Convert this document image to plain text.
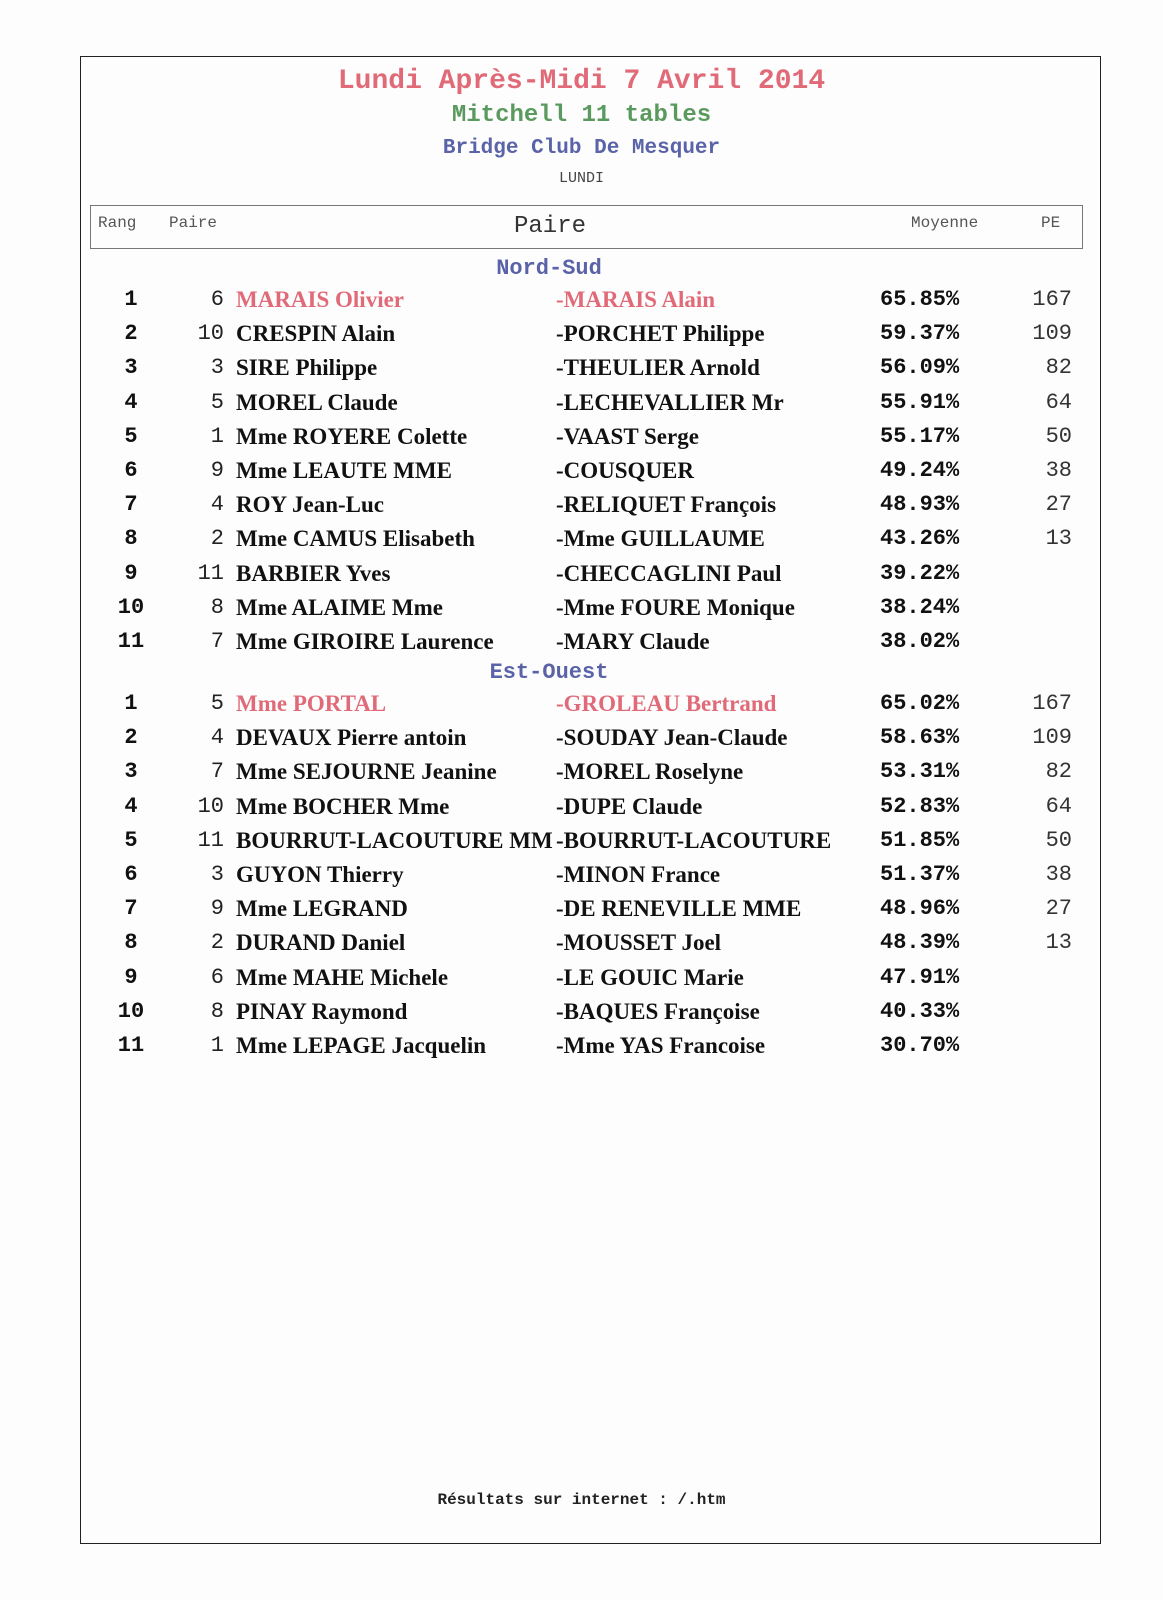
Lundi Après-Midi 7 Avril 2014
Mitchell 11 tables
Bridge Club De Mesquer
LUNDI
Rang Paire	Paire	Moyenne	PE
Nord-Sud
1	6 MARAIS Olivier	-MARAIS Alain	65.85%	167
2	10 CRESPIN Alain	-PORCHET Philippe	59.37%	109
3	3 SIRE Philippe	-THEULIER Arnold	56.09%	82
4	5 MOREL Claude	-LECHEVALLIER Mr	55.91%	64
5	1 Mme ROYERE Colette	-VAAST Serge	55.17%	50
6	9 Mme LEAUTE MME	-COUSQUER	49.24%	38
7	4 ROY Jean-Luc	-RELIQUET François	48.93%	27
8	2 Mme CAMUS Elisabeth	-Mme GUILLAUME	43.26%	13
9	11 BARBIER Yves	-CHECCAGLINI Paul	39.22%
10	8 Mme ALAIME Mme	-Mme FOURE Monique	38.24%
11	7 Mme GIROIRE Laurence	-MARY Claude	38.02%
Est-Ouest
1	5 Mme PORTAL	-GROLEAU Bertrand	65.02%	167
2	4 DEVAUX Pierre antoin	-SOUDAY Jean-Claude	58.63%	109
3	7 Mme SEJOURNE Jeanine	-MOREL Roselyne	53.31%	82
4	10 Mme BOCHER Mme	-DUPE Claude	52.83%	64
5	11 BOURRUT-LACOUTURE MM -BOURRUT-LACOUTURE 51.85%	50
6	3 GUYON Thierry	-MINON France	51.37%	38
7	9 Mme LEGRAND	-DE RENEVILLE MME	48.96%	27
8	2 DURAND Daniel	-MOUSSET Joel	48.39%	13
9	6 Mme MAHE Michele	-LE GOUIC Marie	47.91%
10	8 PINAY Raymond	-BAQUES Françoise	40.33%
11	1 Mme LEPAGE Jacquelin	-Mme YAS Francoise	30.70%
Résultats sur internet : /.htm
